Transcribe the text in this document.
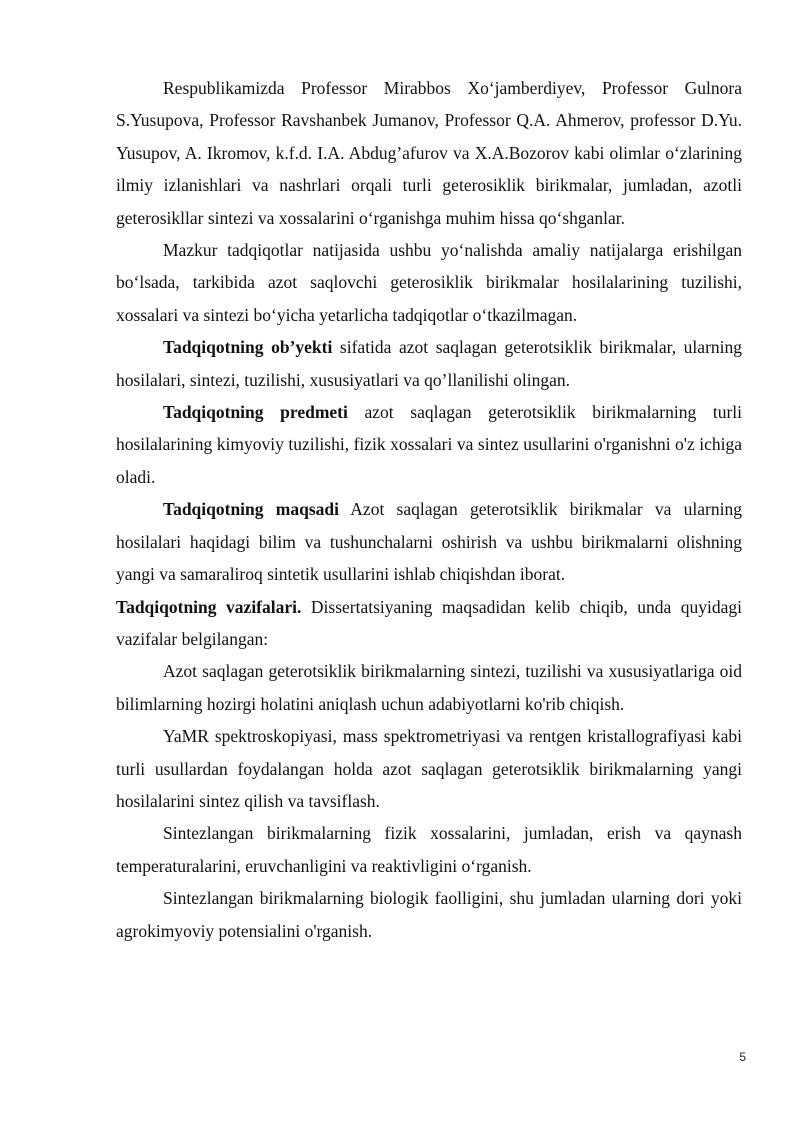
Respublikamizda Professor Mirabbos Xo‘jamberdiyev, Professor Gulnora S.Yusupova, Professor Ravshanbek Jumanov, Professor Q.A. Ahmerov, professor D.Yu. Yusupov, A. Ikromov, k.f.d. I.A. Abdug’afurov va X.A.Bozorov kabi olimlar o‘zlarining ilmiy izlanishlari va nashrlari orqali turli geterosiklik birikmalar, jumladan, azotli geterosikllar sintezi va xossalarini o‘rganishga muhim hissa qo‘shganlar.

Mazkur tadqiqotlar natijasida ushbu yo‘nalishda amaliy natijalarga erishilgan bo‘lsada, tarkibida azot saqlovchi geterosiklik birikmalar hosilalarining tuzilishi, xossalari va sintezi bo‘yicha yetarlicha tadqiqotlar o‘tkazilmagan.

Tadqiqotning ob’yekti sifatida azot saqlagan geterotsiklik birikmalar, ularning hosilalari, sintezi, tuzilishi, xususiyatlari va qo’llanilishi olingan.

Tadqiqotning predmeti azot saqlagan geterotsiklik birikmalarning turli hosilalarining kimyoviy tuzilishi, fizik xossalari va sintez usullarini o'rganishni o'z ichiga oladi.

Tadqiqotning maqsadi Azot saqlagan geterotsiklik birikmalar va ularning hosilalari haqidagi bilim va tushunchalarni oshirish va ushbu birikmalarni olishning yangi va samaraliroq sintetik usullarini ishlab chiqishdan iborat.

Tadqiqotning vazifalari. Dissertatsiyaning maqsadidan kelib chiqib, unda quyidagi vazifalar belgilangan:

Azot saqlagan geterotsiklik birikmalarning sintezi, tuzilishi va xususiyatlariga oid bilimlarning hozirgi holatini aniqlash uchun adabiyotlarni ko'rib chiqish.

YaMR spektroskopiyasi, mass spektrometriyasi va rentgen kristallografiyasi kabi turli usullardan foydalangan holda azot saqlagan geterotsiklik birikmalarning yangi hosilalarini sintez qilish va tavsiflash.

Sintezlangan birikmalarning fizik xossalarini, jumladan, erish va qaynash temperaturalarini, eruvchanligini va reaktivligini o‘rganish.

Sintezlangan birikmalarning biologik faolligini, shu jumladan ularning dori yoki agrokimyoviy potensialini o'rganish.

5
